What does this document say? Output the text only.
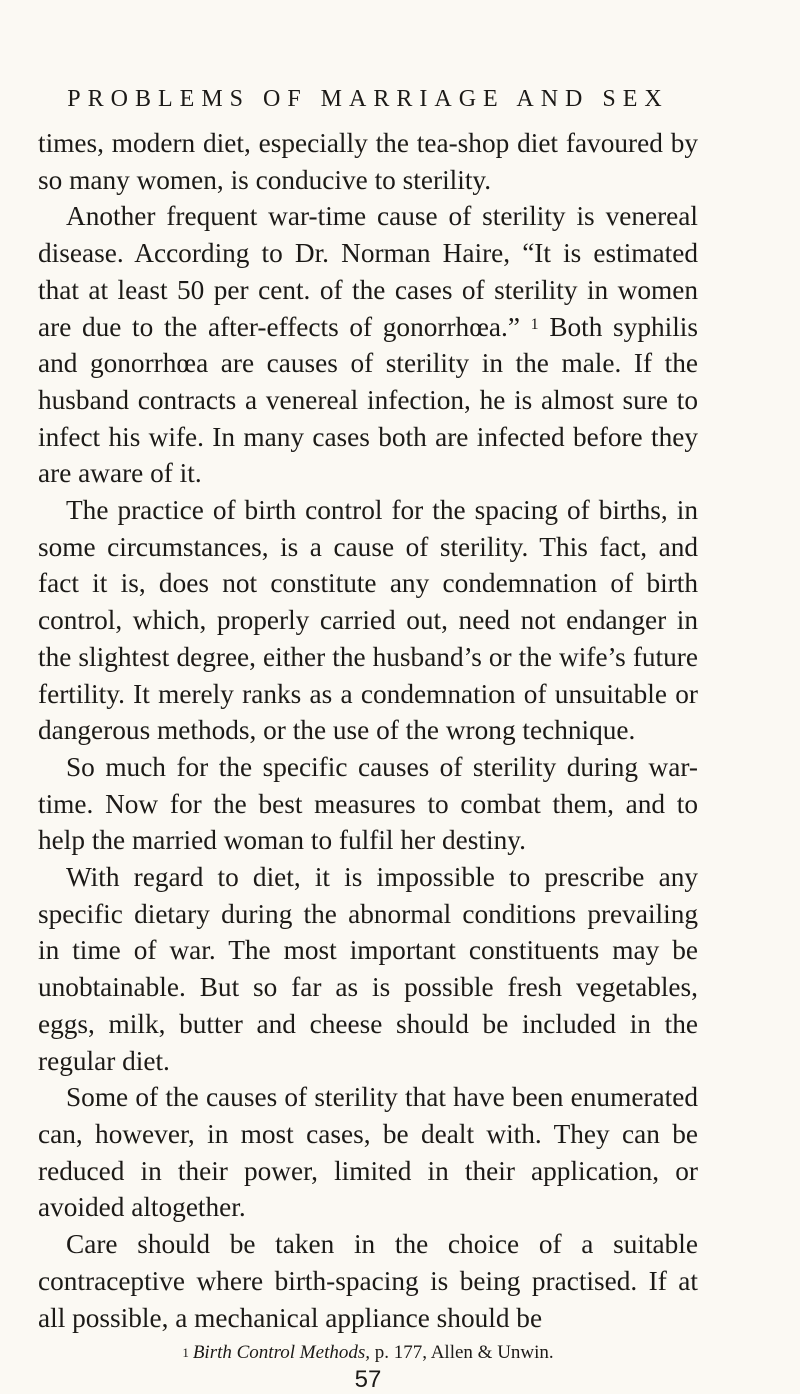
PROBLEMS OF MARRIAGE AND SEX

times, modern diet, especially the tea-shop diet favoured by so many women, is conducive to sterility.

Another frequent war-time cause of sterility is venereal disease. According to Dr. Norman Haire, “It is estimated that at least 50 per cent. of the cases of sterility in women are due to the after-effects of gonorrhœa.” $^1$ Both syphilis and gonorrhœa are causes of sterility in the male. If the husband contracts a venereal infection, he is almost sure to infect his wife. In many cases both are infected before they are aware of it.

The practice of birth control for the spacing of births, in some circumstances, is a cause of sterility. This fact, and fact it is, does not constitute any condemnation of birth control, which, properly carried out, need not endanger in the slightest degree, either the husband’s or the wife’s future fertility. It merely ranks as a condemnation of unsuitable or dangerous methods, or the use of the wrong technique.

So much for the specific causes of sterility during war-time. Now for the best measures to combat them, and to help the married woman to fulfil her destiny.

With regard to diet, it is impossible to prescribe any specific dietary during the abnormal conditions prevailing in time of war. The most important constituents may be unobtainable. But so far as is possible fresh vegetables, eggs, milk, butter and cheese should be included in the regular diet.

Some of the causes of sterility that have been enumerated can, however, in most cases, be dealt with. They can be reduced in their power, limited in their application, or avoided altogether.

Care should be taken in the choice of a suitable contraceptive where birth-spacing is being practised. If at all possible, a mechanical appliance should be

$^1$ Birth Control Methods, p. 177, Allen & Unwin.
57
